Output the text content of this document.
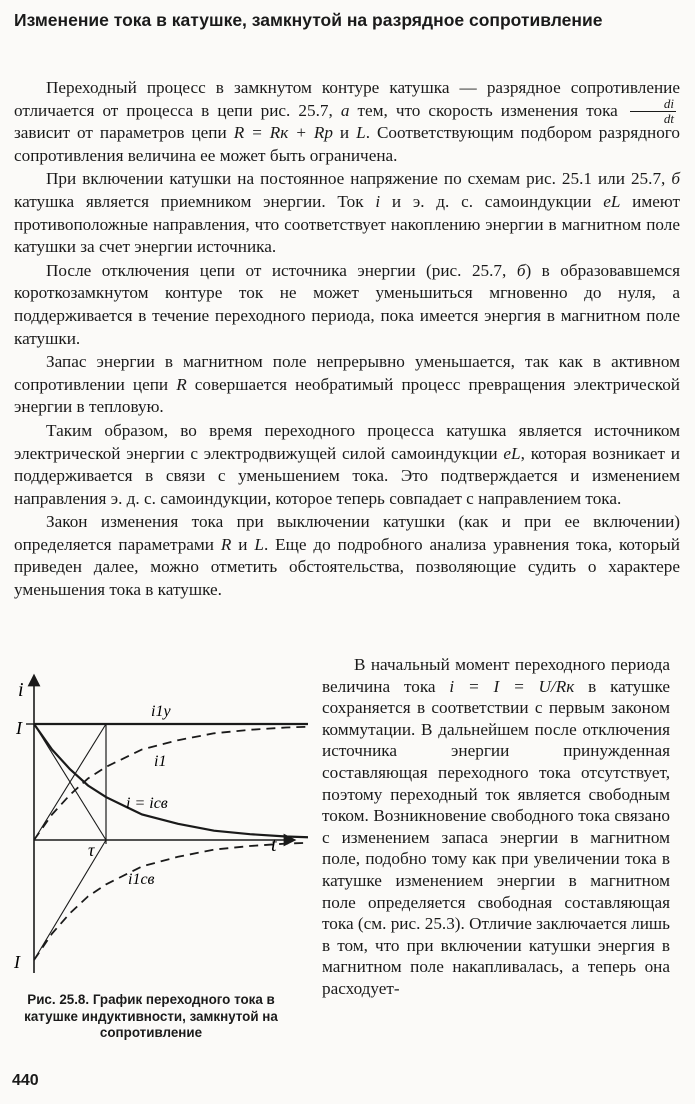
Изменение тока в катушке, замкнутой на разрядное сопротивление

Переходный процесс в замкнутом контуре катушка — разрядное сопротивление отличается от процесса в цепи рис. 25.7, а тем, что скорость изменения тока $\frac{di}{dt}$
зависит от параметров цепи R = Rк + Rр и L. Соответствующим подбором разрядного сопротивления величина ее может быть ограничена.

При включении катушки на постоянное напряжение по схемам рис. 25.1 или 25.7, б катушка является приемником энергии. Ток i и э. д. с. самоиндукции eL имеют противоположные направления, что соответствует накоплению энергии в магнитном поле катушки за счет энергии источника.

После отключения цепи от источника энергии (рис. 25.7, б) в образовавшемся короткозамкнутом контуре ток не может уменьшиться мгновенно до нуля, а поддерживается в течение переходного периода, пока имеется энергия в магнитном поле катушки.

Запас энергии в магнитном поле непрерывно уменьшается, так как в активном сопротивлении цепи R совершается необратимый процесс превращения электрической энергии в тепловую.

Таким образом, во время переходного процесса катушка является источником электрической энергии с электродвижущей силой самоиндукции eL, которая возникает и поддерживается в связи с уменьшением тока. Это подтверждается и изменением направления э. д. с. самоиндукции, которое теперь совпадает с направлением тока.

Закон изменения тока при выключении катушки (как и при ее включении) определяется параметрами R и L. Еще до подробного анализа уравнения тока, который приведен далее, можно отметить обстоятельства, позволяющие судить о характере уменьшения тока в катушке.

i
t
I
I
τ
i1y
i1
i = iсв
i1св
Рис. 25.8. График переходного тока в катушке индуктивности, замкнутой на сопротивление

В начальный момент переходного периода величина тока i = I = U/Rк в катушке сохраняется в соответствии с первым законом коммутации. В дальнейшем после отключения источника энергии принужденная составляющая переходного тока отсутствует, поэтому переходный ток является свободным током. Возникновение свободного тока связано с изменением запаса энергии в магнитном поле, подобно тому как при увеличении тока в катушке изменением энергии в магнитном поле определяется свободная составляющая тока (см. рис. 25.3). Отличие заключается лишь в том, что при включении катушки энергия в магнитном поле накапливалась, а теперь она расходует-

440
